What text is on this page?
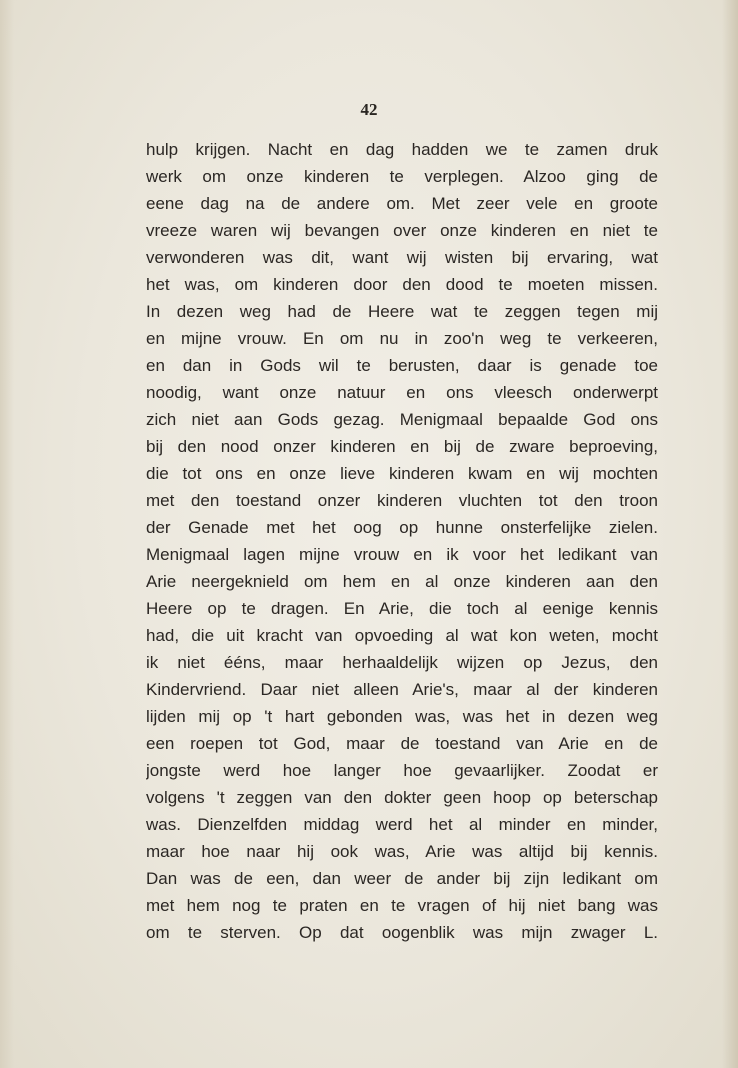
42
hulp krijgen. Nacht en dag hadden we te zamen druk
werk om onze kinderen te verplegen. Alzoo ging de
eene dag na de andere om. Met zeer vele en groote
vreeze waren wij bevangen over onze kinderen en niet te
verwonderen was dit, want wij wisten bij ervaring, wat
het was, om kinderen door den dood te moeten missen.
In dezen weg had de Heere wat te zeggen tegen mij
en mijne vrouw. En om nu in zoo'n weg te verkeeren,
en dan in Gods wil te berusten, daar is genade toe
noodig, want onze natuur en ons vleesch onderwerpt
zich niet aan Gods gezag. Menigmaal bepaalde God ons
bij den nood onzer kinderen en bij de zware beproeving,
die tot ons en onze lieve kinderen kwam en wij mochten
met den toestand onzer kinderen vluchten tot den troon
der Genade met het oog op hunne onsterfelijke zielen.
Menigmaal lagen mijne vrouw en ik voor het ledikant van
Arie neergeknield om hem en al onze kinderen aan den
Heere op te dragen. En Arie, die toch al eenige kennis
had, die uit kracht van opvoeding al wat kon weten, mocht
ik niet ééns, maar herhaaldelijk wijzen op Jezus, den
Kindervriend. Daar niet alleen Arie's, maar al der kinderen
lijden mij op 't hart gebonden was, was het in dezen weg
een roepen tot God, maar de toestand van Arie en de
jongste werd hoe langer hoe gevaarlijker. Zoodat er
volgens 't zeggen van den dokter geen hoop op beterschap
was. Dienzelfden middag werd het al minder en minder,
maar hoe naar hij ook was, Arie was altijd bij kennis.
Dan was de een, dan weer de ander bij zijn ledikant om
met hem nog te praten en te vragen of hij niet bang was
om te sterven. Op dat oogenblik was mijn zwager L.
